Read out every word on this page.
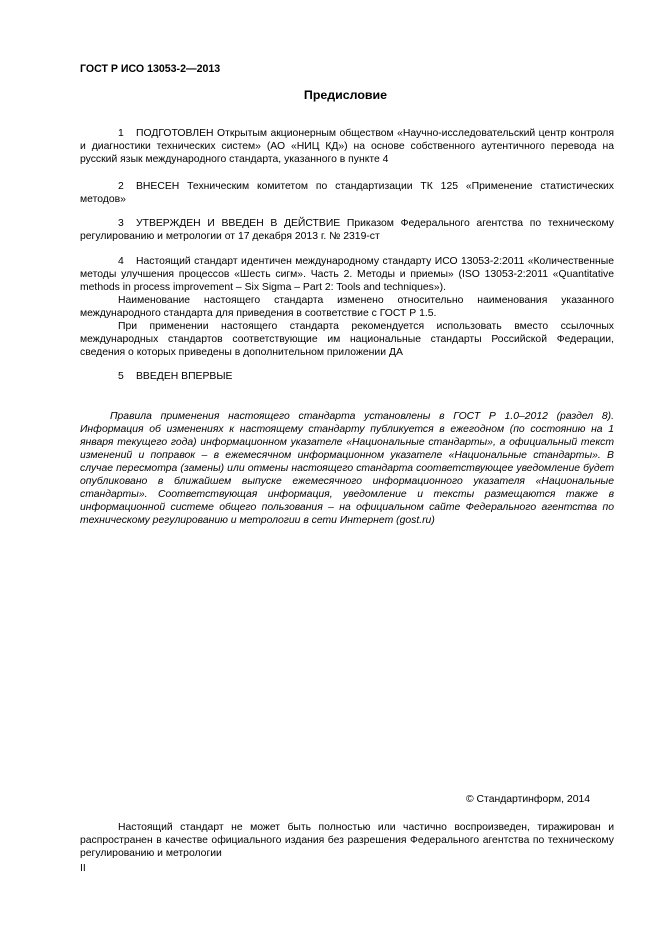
ГОСТ Р ИСО 13053-2—2013
Предисловие

1 ПОДГОТОВЛЕН Открытым акционерным обществом «Научно-исследовательский центр контроля и диагностики технических систем» (АО «НИЦ КД») на основе собственного аутентичного перевода на русский язык международного стандарта, указанного в пункте 4

2 ВНЕСЕН Техническим комитетом по стандартизации ТК 125 «Применение статистических методов»

3 УТВЕРЖДЕН И ВВЕДЕН В ДЕЙСТВИЕ Приказом Федерального агентства по техническому регулированию и метрологии от 17 декабря 2013 г. № 2319-ст

4 Настоящий стандарт идентичен международному стандарту ИСО 13053-2:2011 «Количественные методы улучшения процессов «Шесть сигм». Часть 2. Методы и приемы» (ISO 13053-2:2011 «Quantitative methods in process improvement – Six Sigma – Part 2: Tools and techniques»).

Наименование настоящего стандарта изменено относительно наименования указанного международного стандарта для приведения в соответствие с ГОСТ Р 1.5.

При применении настоящего стандарта рекомендуется использовать вместо ссылочных международных стандартов соответствующие им национальные стандарты Российской Федерации, сведения о которых приведены в дополнительном приложении ДА

5 ВВЕДЕН ВПЕРВЫЕ

Правила применения настоящего стандарта установлены в ГОСТ Р 1.0–2012 (раздел 8). Информация об изменениях к настоящему стандарту публикуется в ежегодном (по состоянию на 1 января текущего года) информационном указателе «Национальные стандарты», а официальный текст изменений и поправок – в ежемесячном информационном указателе «Национальные стандарты». В случае пересмотра (замены) или отмены настоящего стандарта соответствующее уведомление будет опубликовано в ближайшем выпуске ежемесячного информационного указателя «Национальные стандарты». Соответствующая информация, уведомление и тексты размещаются также в информационной системе общего пользования – на официальном сайте Федерального агентства по техническому регулированию и метрологии в сети Интернет (gost.ru)

© Стандартинформ, 2014

Настоящий стандарт не может быть полностью или частично воспроизведен, тиражирован и распространен в качестве официального издания без разрешения Федерального агентства по техническому регулированию и метрологии

II
